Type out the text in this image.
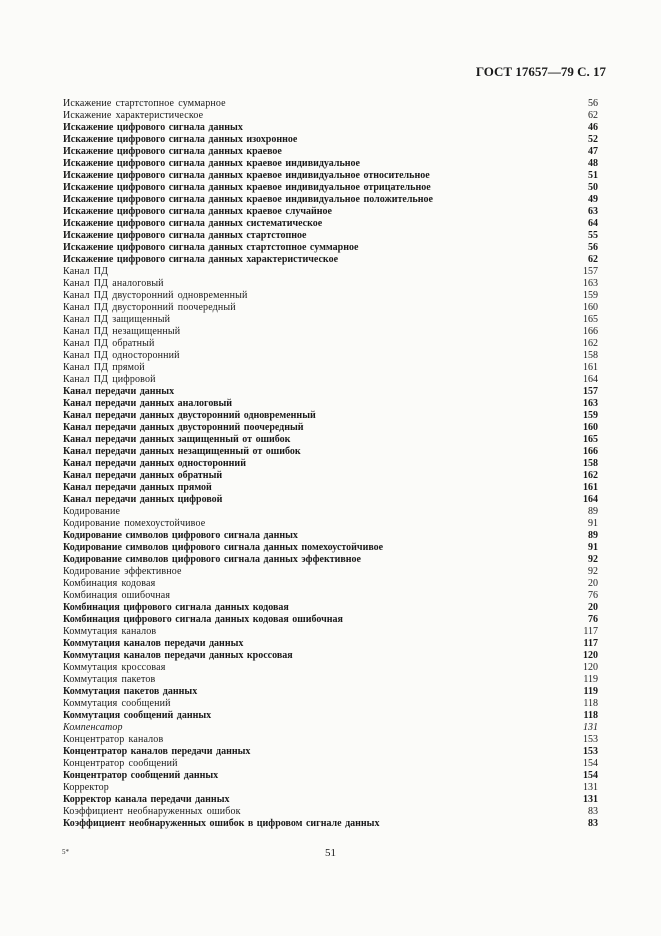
ГОСТ 17657—79 С. 17
Искажение стартстопное суммарное	56
Искажение характеристическое	62
Искажение цифрового сигнала данных	46
Искажение цифрового сигнала данных изохронное	52
Искажение цифрового сигнала данных краевое	47
Искажение цифрового сигнала данных краевое индивидуальное	48
Искажение цифрового сигнала данных краевое индивидуальное относительное	51
Искажение цифрового сигнала данных краевое индивидуальное отрицательное	50
Искажение цифрового сигнала данных краевое индивидуальное положительное	49
Искажение цифрового сигнала данных краевое случайное	63
Искажение цифрового сигнала данных систематическое	64
Искажение цифрового сигнала данных стартстопное	55
Искажение цифрового сигнала данных стартстопное суммарное	56
Искажение цифрового сигнала данных характеристическое	62
Канал ПД	157
Канал ПД аналоговый	163
Канал ПД двусторонний одновременный	159
Канал ПД двусторонний поочередный	160
Канал ПД защищенный	165
Канал ПД незащищенный	166
Канал ПД обратный	162
Канал ПД односторонний	158
Канал ПД прямой	161
Канал ПД цифровой	164
Канал передачи данных	157
Канал передачи данных аналоговый	163
Канал передачи данных двусторонний одновременный	159
Канал передачи данных двусторонний поочередный	160
Канал передачи данных защищенный от ошибок	165
Канал передачи данных незащищенный от ошибок	166
Канал передачи данных односторонний	158
Канал передачи данных обратный	162
Канал передачи данных прямой	161
Канал передачи данных цифровой	164
Кодирование	89
Кодирование помехоустойчивое	91
Кодирование символов цифрового сигнала данных	89
Кодирование символов цифрового сигнала данных помехоустойчивое	91
Кодирование символов цифрового сигнала данных эффективное	92
Кодирование эффективное	92
Комбинация кодовая	20
Комбинация ошибочная	76
Комбинация цифрового сигнала данных кодовая	20
Комбинация цифрового сигнала данных кодовая ошибочная	76
Коммутация каналов	117
Коммутация каналов передачи данных	117
Коммутация каналов передачи данных кроссовая	120
Коммутация кроссовая	120
Коммутация пакетов	119
Коммутация пакетов данных	119
Коммутация сообщений	118
Коммутация сообщений данных	118
Компенсатор	131
Концентратор каналов	153
Концентратор каналов передачи данных	153
Концентратор сообщений	154
Концентратор сообщений данных	154
Корректор	131
Корректор канала передачи данных	131
Коэффициент необнаруженных ошибок	83
Коэффициент необнаруженных ошибок в цифровом сигнале данных	83
5*	51
